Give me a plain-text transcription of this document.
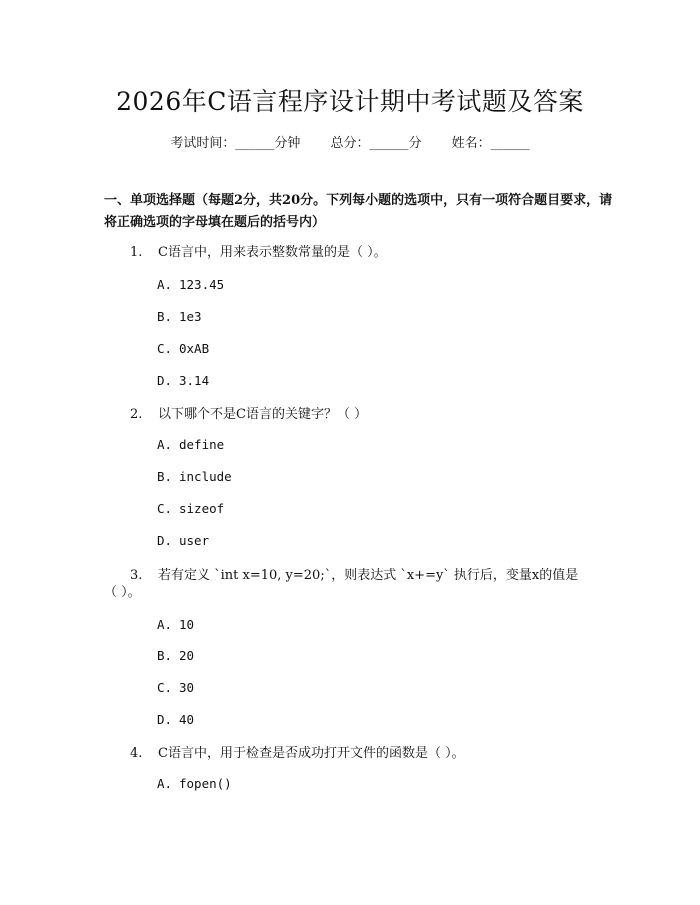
2026年C语言程序设计期中考试题及答案
考试时间：______分钟 总分：______分 姓名：______
一、单项选择题（每题2分，共20分。下列每小题的选项中，只有一项符合题目要求，请将正确选项的字母填在题后的括号内）
1. C语言中，用来表示整数常量的是（ ）。
A. 123.45
B. 1e3
C. 0xAB
D. 3.14
2. 以下哪个不是C语言的关键字？（ ）
A. define
B. include
C. sizeof
D. user
3. 若有定义 `int x=10, y=20;`，则表达式 `x+=y` 执行后，变量x的值是
（ ）。
A. 10
B. 20
C. 30
D. 40
4. C语言中，用于检查是否成功打开文件的函数是（ ）。
A. fopen()
